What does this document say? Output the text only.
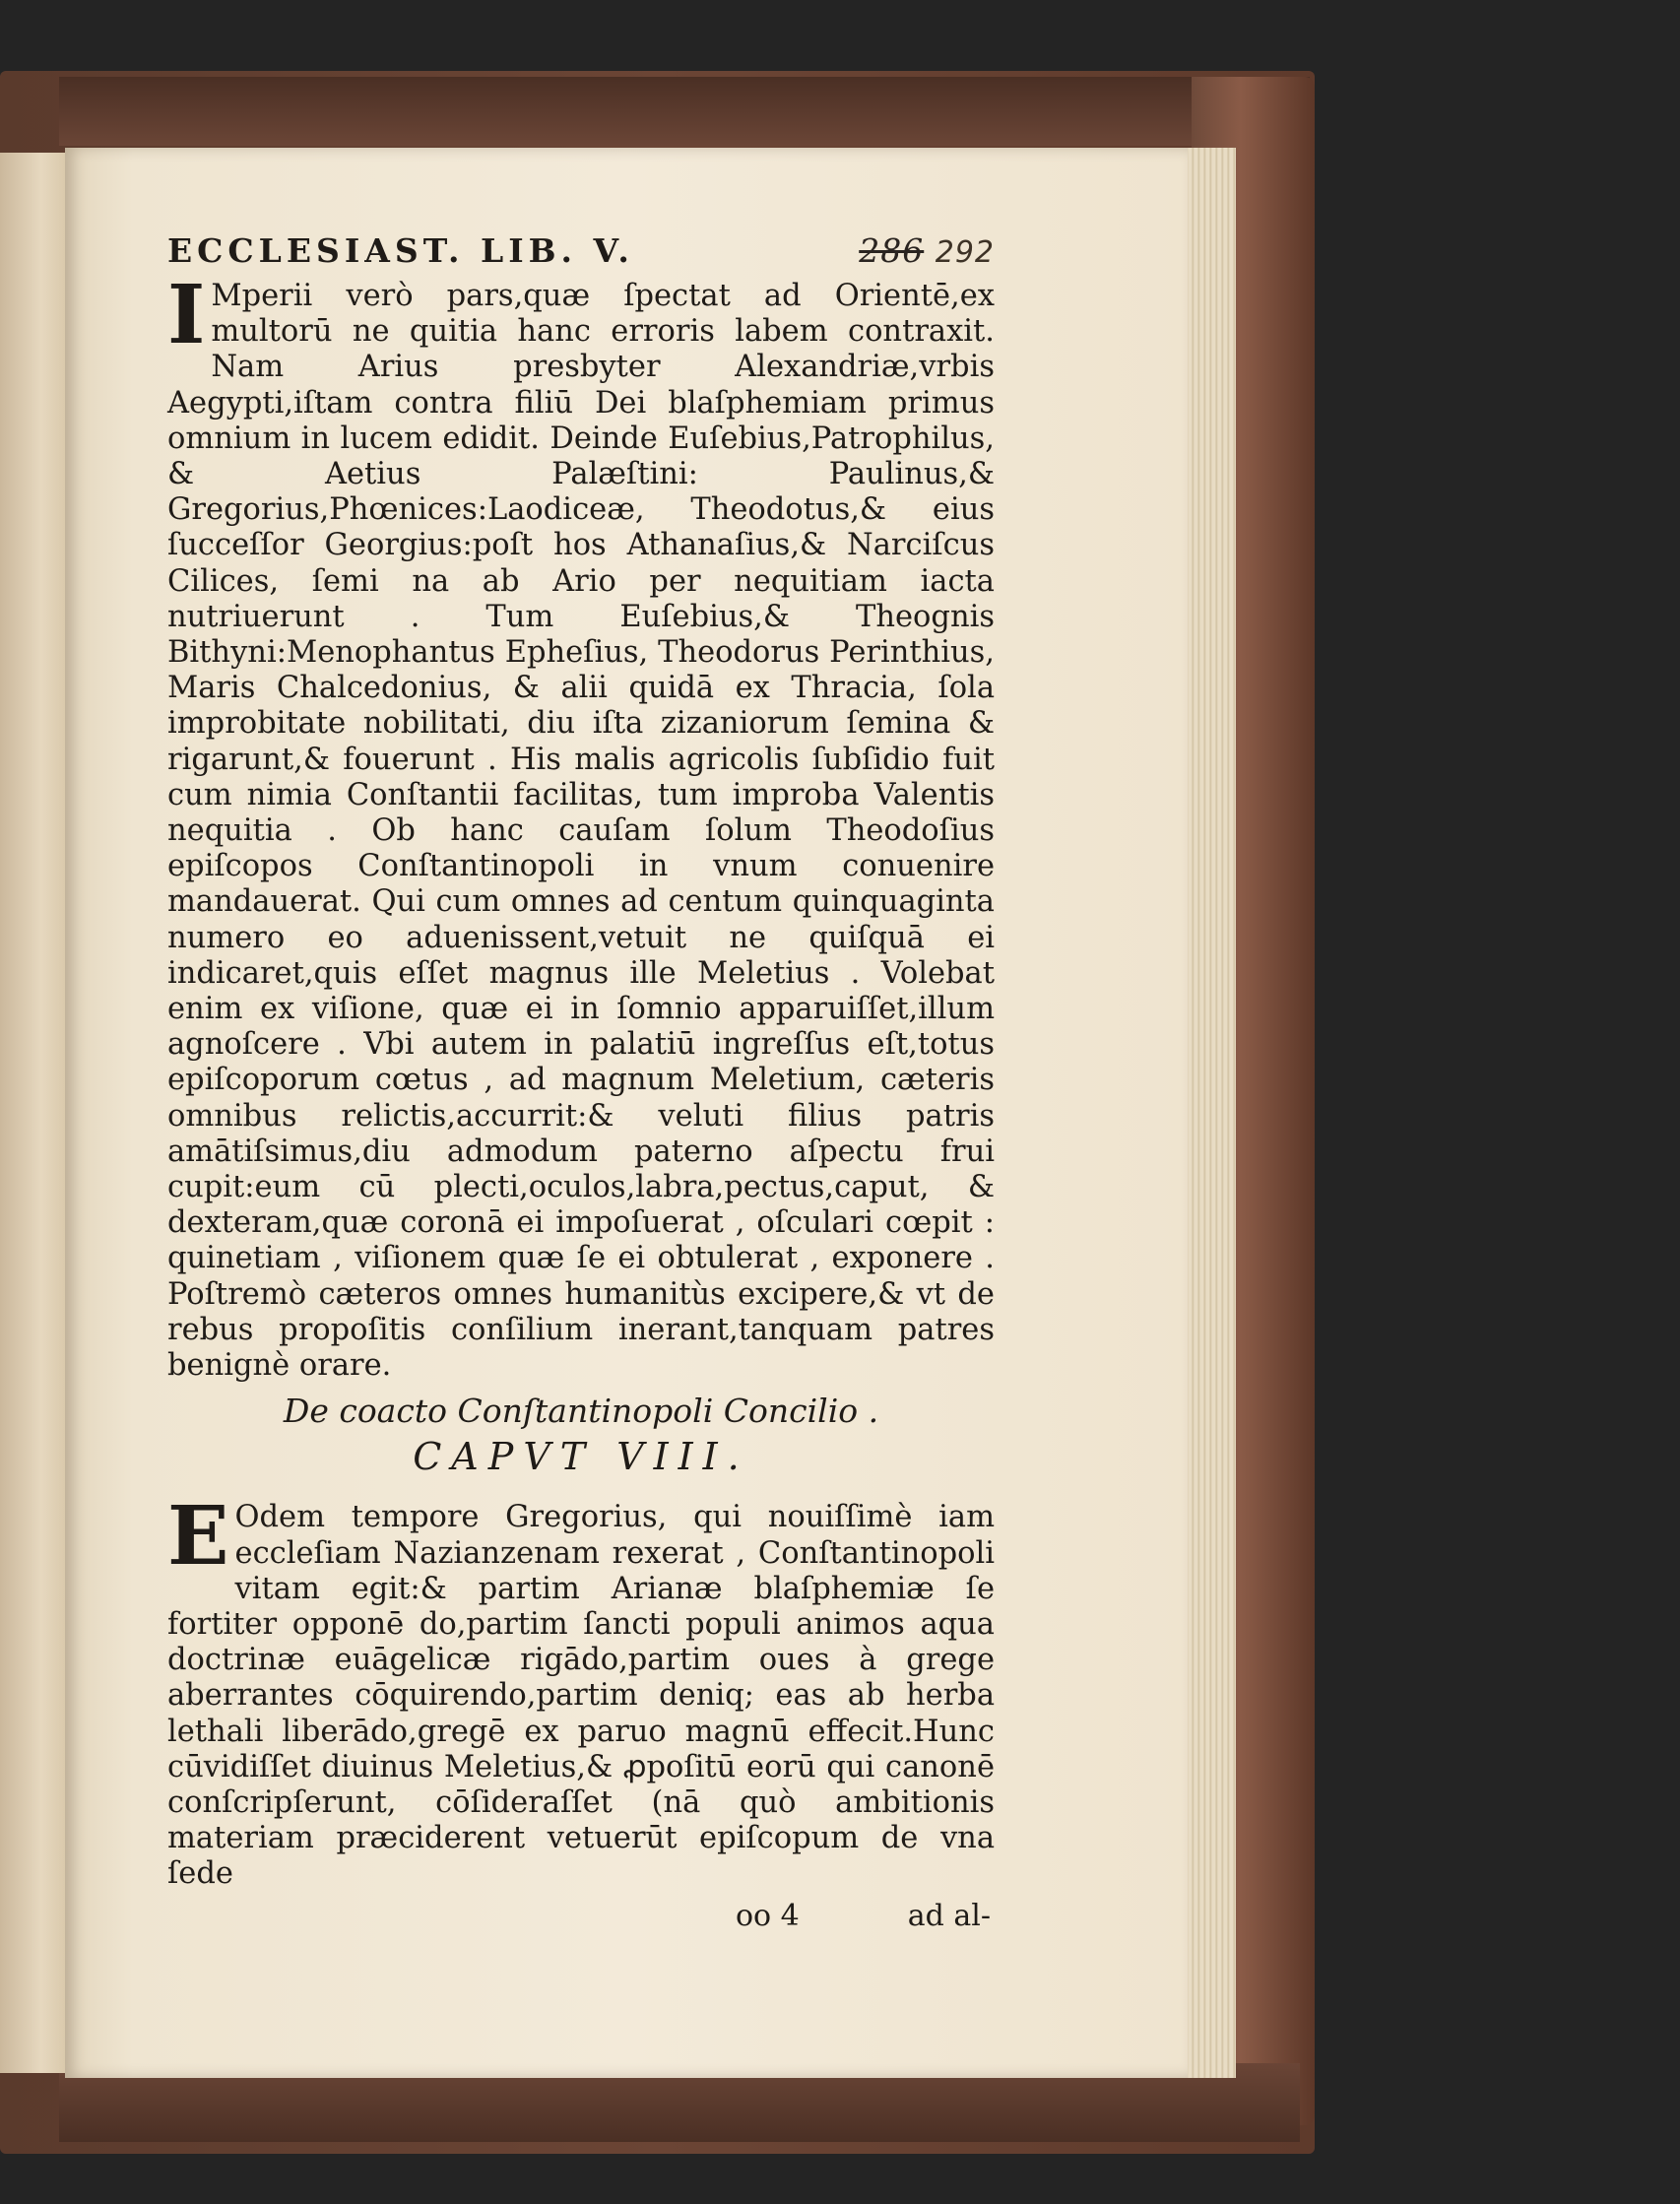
ECCLESIAST. LIB. V.	286 292

I Mperii verò pars,quæ ſpectat ad Orientē,ex multorū ne quitia hanc erroris labem contraxit. Nam Arius presbyter Alexandriæ,vrbis Aegypti,iſtam contra filiū Dei blaſphemiam primus omnium in lucem edidit. Deinde Euſebius,Patrophilus, & Aetius Palæſtini: Paulinus,& Gregorius,Phœnices:Laodiceæ, Theodotus,& eius ſucceſſor Georgius:poſt hos Athanaſius,& Narciſcus Cilices, ſemi na ab Ario per nequitiam iacta nutriuerunt . Tum Euſebius,& Theognis Bithyni:Menophantus Epheſius, Theodorus Perinthius, Maris Chalcedonius, & alii quidā ex Thracia, ſola improbitate nobilitati, diu iſta zizaniorum ſemina & rigarunt,& fouerunt . His malis agricolis ſubſidio fuit cum nimia Conſtantii facilitas, tum improba Valentis nequitia . Ob hanc cauſam ſolum Theodoſius epiſcopos Conſtantinopoli in vnum conuenire mandauerat. Qui cum omnes ad centum quinquaginta numero eo aduenissent,vetuit ne quiſquā ei indicaret,quis eſſet magnus ille Meletius . Volebat enim ex viſione, quæ ei in ſomnio apparuiſſet,illum agnoſcere . Vbi autem in palatiū ingreſſus eſt,totus epiſcoporum cœtus , ad magnum Meletium, cæteris omnibus relictis,accurrit:& veluti filius patris amātiſsimus,diu admodum paterno aſpectu frui cupit:eum cū plecti,oculos,labra,pectus,caput, & dexteram,quæ coronā ei impoſuerat , oſculari cœpit : quinetiam , viſionem quæ ſe ei obtulerat , exponere . Poſtremò cæteros omnes humanitùs excipere,& vt de rebus propoſitis conſilium inerant,tanquam patres benignè orare.

De coacto Conſtantinopoli Concilio .
CAPVT VIII.

E Odem tempore Gregorius, qui nouiſſimè iam eccleſiam Nazianzenam rexerat , Conſtantinopoli vitam egit:& partim Arianæ blaſphemiæ ſe fortiter opponē do,partim ſancti populi animos aqua doctrinæ euāgelicæ rigādo,partim oues à grege aberrantes cōquirendo,partim deniq; eas ab herba lethali liberādo,gregē ex paruo magnū effecit.Hunc cūvidiſſet diuinus Meletius,& ꝓpoſitū eorū qui canonē conſcripſerunt, cōſideraſſet (nā quò ambitionis materiam præciderent vetuerūt epiſcopum de vna ſede

oo 4	ad al-
